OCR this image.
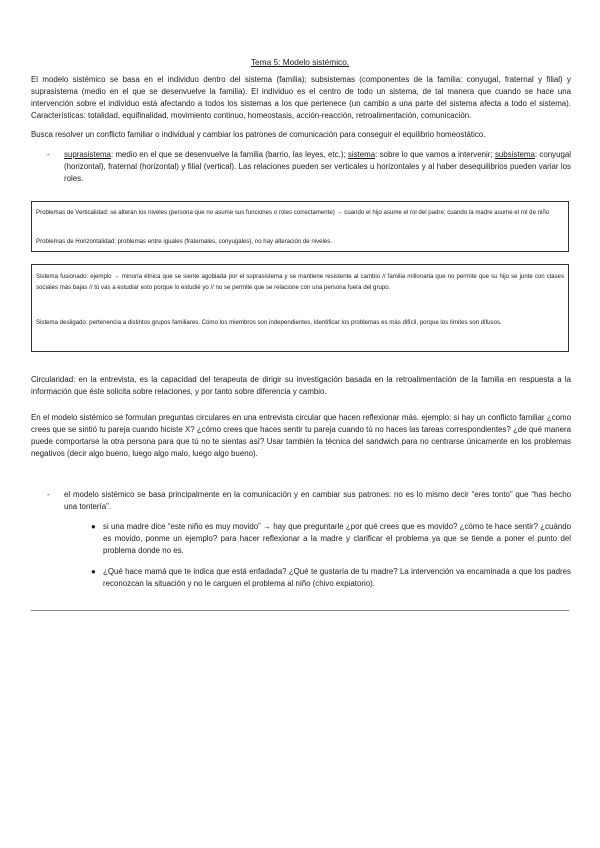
Tema 5: Modelo sistémico.

El modelo sistémico se basa en el individuo dentro del sistema (familia); subsistemas (componentes de la familia: conyugal, fraternal y filial) y suprasistema (medio en el que se desenvuelve la familia). El individuo es el centro de todo un sistema, de tal manera que cuando se hace una intervención sobre el individuo está afectando a todos los sistemas a los que pertenece (un cambio a una parte del sistema afecta a todo el sistema). Características: totalidad, equifinalidad, movimiento continuo, homeostasis, acción-reacción, retroalimentación, comunicación.

Busca resolver un conflicto familiar o individual y cambiar los patrones de comunicación para conseguir el equilibrio homeostático.

- suprasistema: medio en el que se desenvuelve la familia (barrio, las leyes, etc.); sistema: sobre lo que vamos a intervenir; subsistema: conyugal (horizontal), fraternal (horizontal) y filial (vertical). Las relaciones pueden ser verticales u horizontales y al haber desequilibrios pueden variar los roles.

Problemas de Verticalidad: se alteran los niveles (persona que no asume sus funciones o roles correctamente) → cuando el hijo asume el rol del padre; cuando la madre asume el rol de niño

Problemas de Horizontalidad: problemas entre iguales (fraternales, conyugales), no hay alteración de niveles.

Sistema fusionado: ejemplo → minoría étnica que se siente agobiada por el suprasistema y se mantiene resistente al cambio // familia millonaria que no permite que su hijo se junte con clases sociales más bajas // tú vas a estudiar esto porque lo estudié yo // no se permite que se relacione con una persona fuera del grupo.

Sistema desligado: pertenencia a distintos grupos familiares. Cómo los miembros son independientes, identificar los problemas es más difícil, porque los límites son difusos.

Circularidad: en la entrevista, es la capacidad del terapeuta de dirigir su investigación basada en la retroalimentación de la familia en respuesta a la información que éste solicita sobre relaciones, y por tanto sobre diferencia y cambio.

En el modelo sistémico se formulan preguntas circulares en una entrevista circular que hacen reflexionar más. ejemplo: si hay un conflicto familiar ¿como crees que se sintió tu pareja cuando hiciste X? ¿cómo crees que haces sentir tu pareja cuando tú no haces las tareas correspondientes? ¿de qué manera puede comportarse la otra persona para que tú no te sientas así? Usar también la técnica del sandwich para no centrarse únicamente en los problemas negativos (decir algo bueno, luego algo malo, luego algo bueno).

- el modelo sistémico se basa principalmente en la comunicación y en cambiar sus patrones: no es lo mismo decir “eres tonto” que “has hecho una tontería”.

● si una madre dice “este niño es muy movido” → hay que preguntarle ¿por qué crees que es movido? ¿cómo te hace sentir? ¿cuándo es movido, ponme un ejemplo? para hacer reflexionar a la madre y clarificar el problema ya que se tiende a poner el punto del problema donde no es.

● ¿Qué hace mamá que te indica que está enfadada? ¿Qué te gustaría de tu madre? La intervención va encaminada a que los padres reconozcan la situación y no le carguen el problema al niño (chivo expiatorio).
